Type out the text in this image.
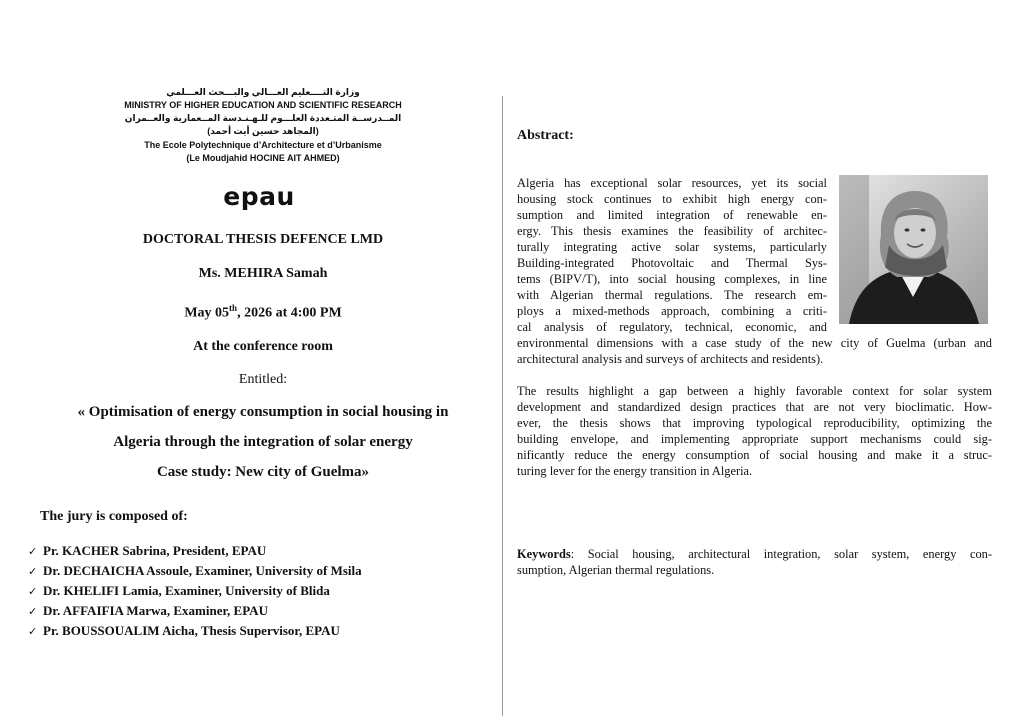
وزارة التــــعليم العـــالي والبـــحث العـــلمي
MINISTRY OF HIGHER EDUCATION AND SCIENTIFIC RESEARCH
المــدرســة المتـعددة العلـــوم للـهـنـدسة المــعمارية والعــمران
(المجاهد حسين أيت أحمد)
The Ecole Polytechnique d’Architecture et d’Urbanisme
(Le Moudjahid HOCINE AIT AHMED)
epau
DOCTORAL THESIS DEFENCE LMD
Ms. MEHIRA Samah
May 05th, 2026 at 4:00 PM
At the conference room
Entitled:
« Optimisation of energy consumption in social housing in
Algeria through the integration of solar energy
Case study: New city of Guelma»
The jury is composed of:
✓ Pr. KACHER Sabrina, President, EPAU
✓ Dr. DECHAICHA Assoule, Examiner, University of Msila
✓ Dr. KHELIFI Lamia, Examiner, University of Blida
✓ Dr. AFFAIFIA Marwa, Examiner, EPAU
✓ Pr. BOUSSOUALIM Aicha, Thesis Supervisor, EPAU
Abstract:
Algeria has exceptional solar resources, yet its social
housing stock continues to exhibit high energy con-
sumption and limited integration of renewable en-
ergy. This thesis examines the feasibility of architec-
turally integrating active solar systems, particularly
Building-integrated Photovoltaic and Thermal Sys-
tems (BIPV/T), into social housing complexes, in line
with Algerian thermal regulations. The research em-
ploys a mixed-methods approach, combining a criti-
cal analysis of regulatory, technical, economic, and
environmental dimensions with a case study of the new city of Guelma (urban and
architectural analysis and surveys of architects and residents).
The results highlight a gap between a highly favorable context for solar system
development and standardized design practices that are not very bioclimatic. How-
ever, the thesis shows that improving typological reproducibility, optimizing the
building envelope, and implementing appropriate support mechanisms could sig-
nificantly reduce the energy consumption of social housing and make it a struc-
turing lever for the energy transition in Algeria.
Keywords: Social housing, architectural integration, solar system, energy con-
sumption, Algerian thermal regulations.
